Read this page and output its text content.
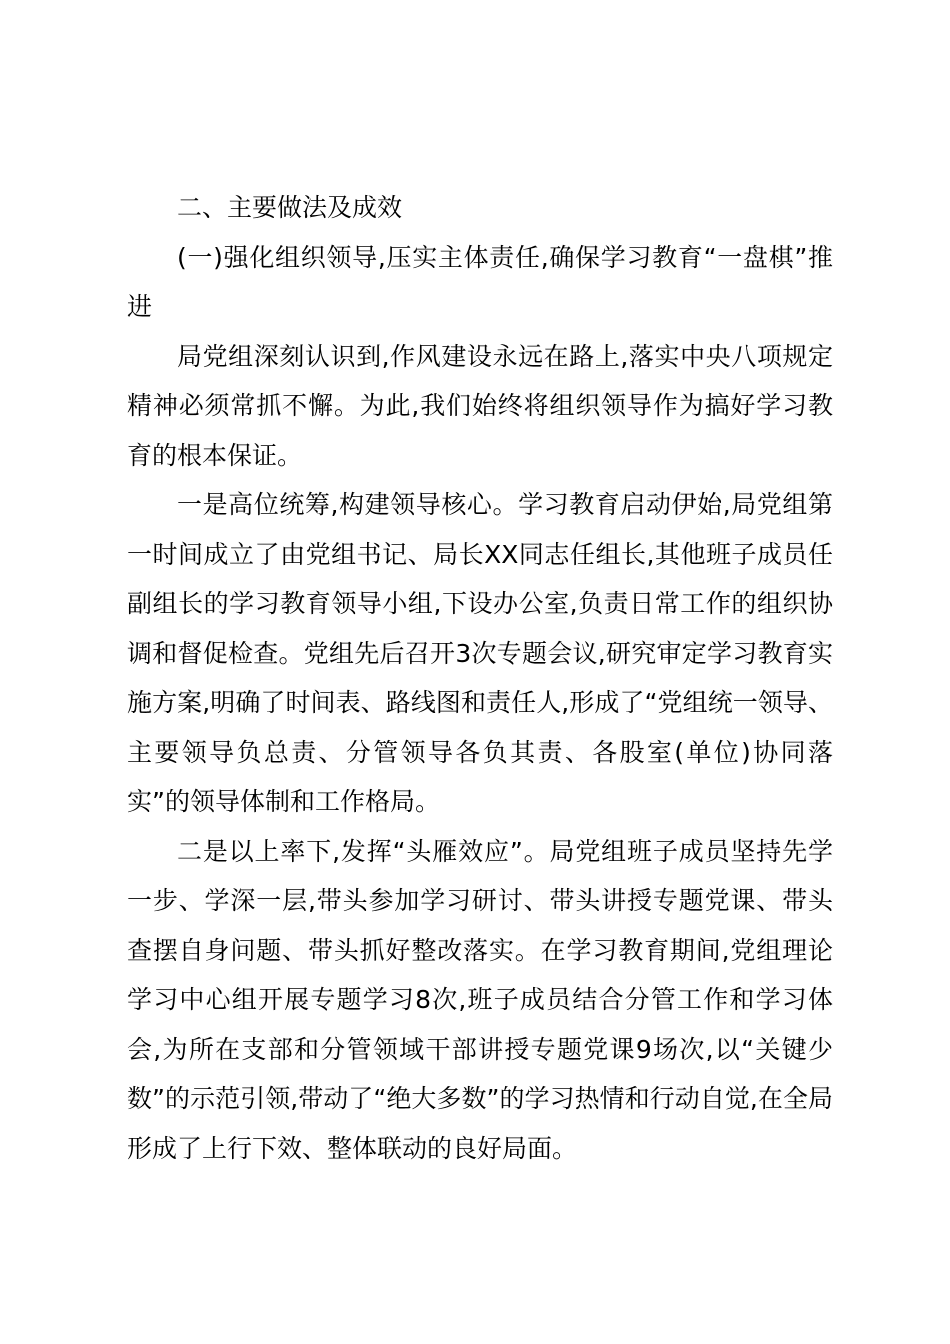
二、主要做法及成效

(一)强化组织领导,压实主体责任,确保学习教育“一盘棋”推进

局党组深刻认识到,作风建设永远在路上,落实中央八项规定精神必须常抓不懈。为此,我们始终将组织领导作为搞好学习教育的根本保证。

一是高位统筹,构建领导核心。学习教育启动伊始,局党组第一时间成立了由党组书记、局长XX同志任组长,其他班子成员任副组长的学习教育领导小组,下设办公室,负责日常工作的组织协调和督促检查。党组先后召开3次专题会议,研究审定学习教育实施方案,明确了时间表、路线图和责任人,形成了“党组统一领导、主要领导负总责、分管领导各负其责、各股室(单位)协同落实”的领导体制和工作格局。

二是以上率下,发挥“头雁效应”。局党组班子成员坚持先学一步、学深一层,带头参加学习研讨、带头讲授专题党课、带头查摆自身问题、带头抓好整改落实。在学习教育期间,党组理论学习中心组开展专题学习8次,班子成员结合分管工作和学习体会,为所在支部和分管领域干部讲授专题党课9场次,以“关键少数”的示范引领,带动了“绝大多数”的学习热情和行动自觉,在全局形成了上行下效、整体联动的良好局面。
